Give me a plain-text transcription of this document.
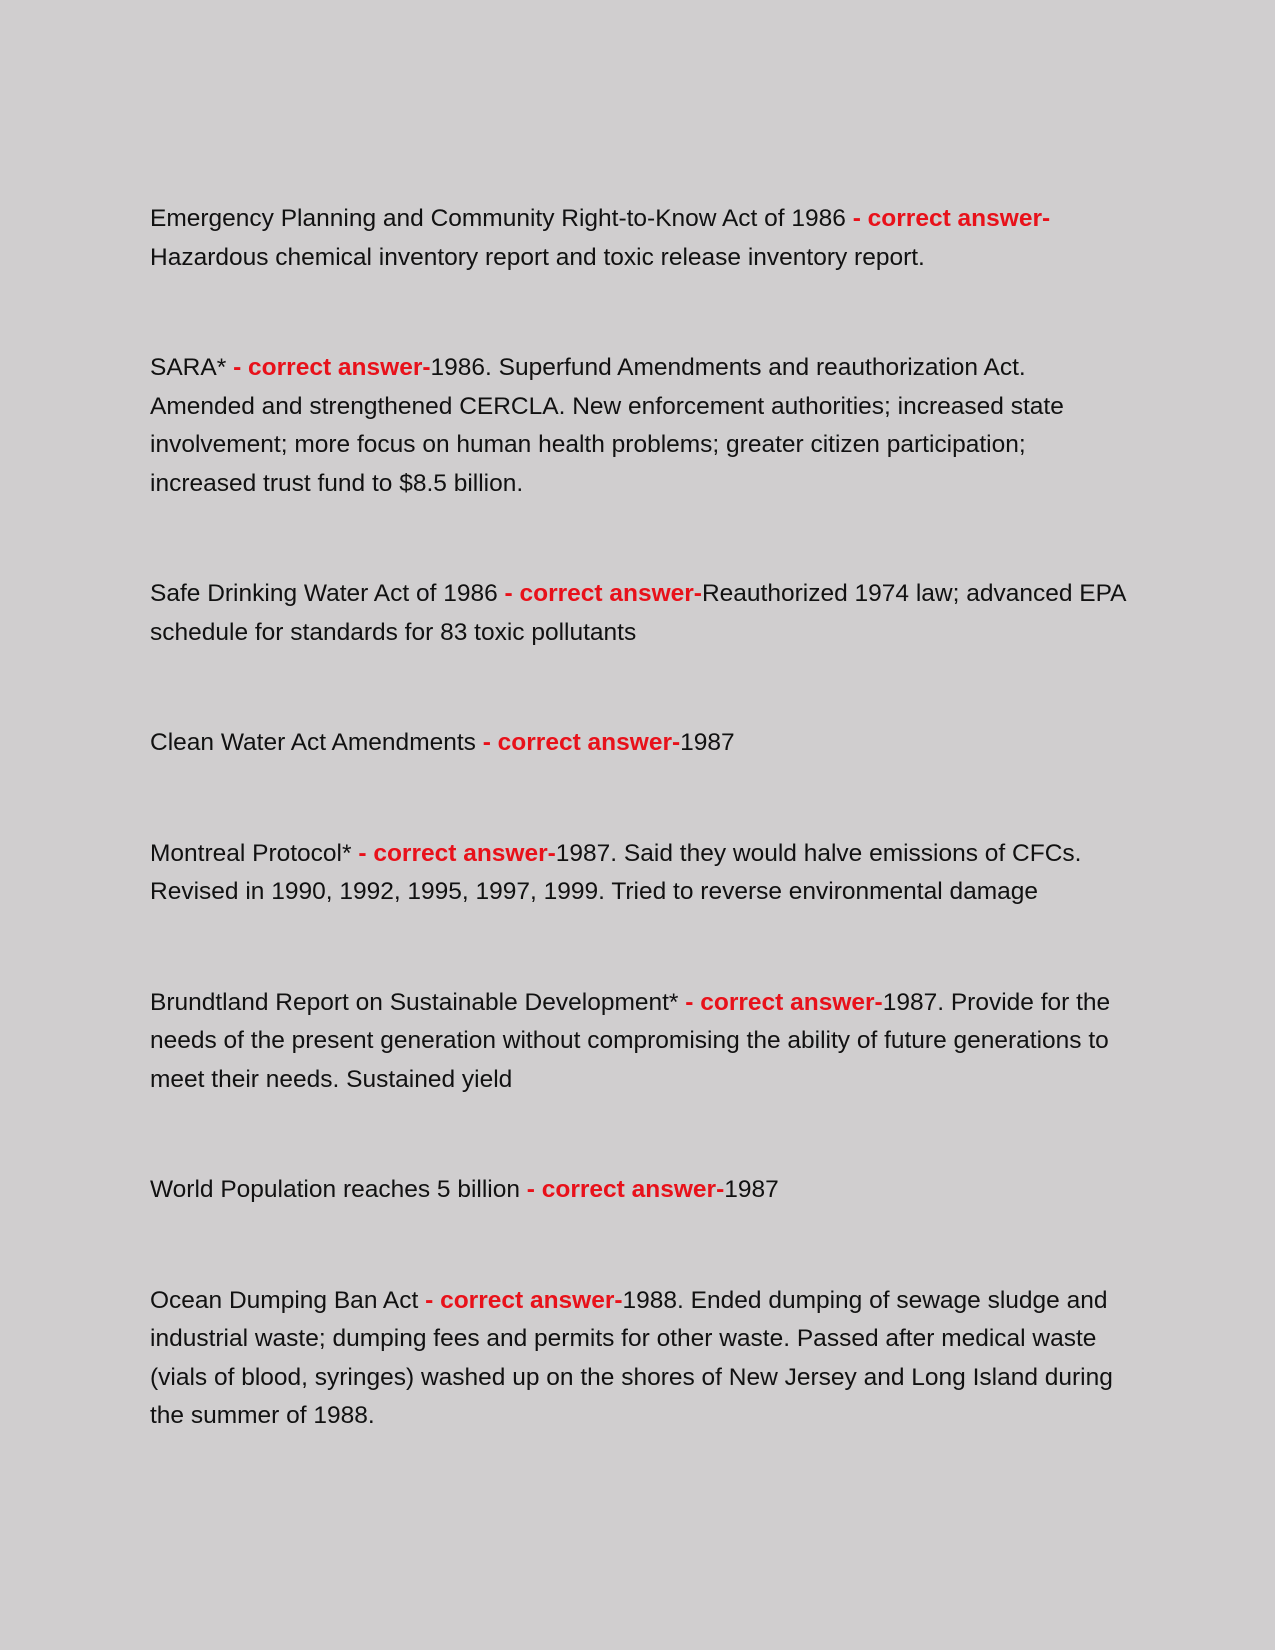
Emergency Planning and Community Right-to-Know Act of 1986 - correct answer-Hazardous chemical inventory report and toxic release inventory report.

SARA* - correct answer-1986. Superfund Amendments and reauthorization Act. Amended and strengthened CERCLA. New enforcement authorities; increased state involvement; more focus on human health problems; greater citizen participation; increased trust fund to $8.5 billion.

Safe Drinking Water Act of 1986 - correct answer-Reauthorized 1974 law; advanced EPA schedule for standards for 83 toxic pollutants

Clean Water Act Amendments - correct answer-1987

Montreal Protocol* - correct answer-1987. Said they would halve emissions of CFCs. Revised in 1990, 1992, 1995, 1997, 1999. Tried to reverse environmental damage

Brundtland Report on Sustainable Development* - correct answer-1987. Provide for the needs of the present generation without compromising the ability of future generations to meet their needs. Sustained yield

World Population reaches 5 billion - correct answer-1987

Ocean Dumping Ban Act - correct answer-1988. Ended dumping of sewage sludge and industrial waste; dumping fees and permits for other waste. Passed after medical waste (vials of blood, syringes) washed up on the shores of New Jersey and Long Island during the summer of 1988.
